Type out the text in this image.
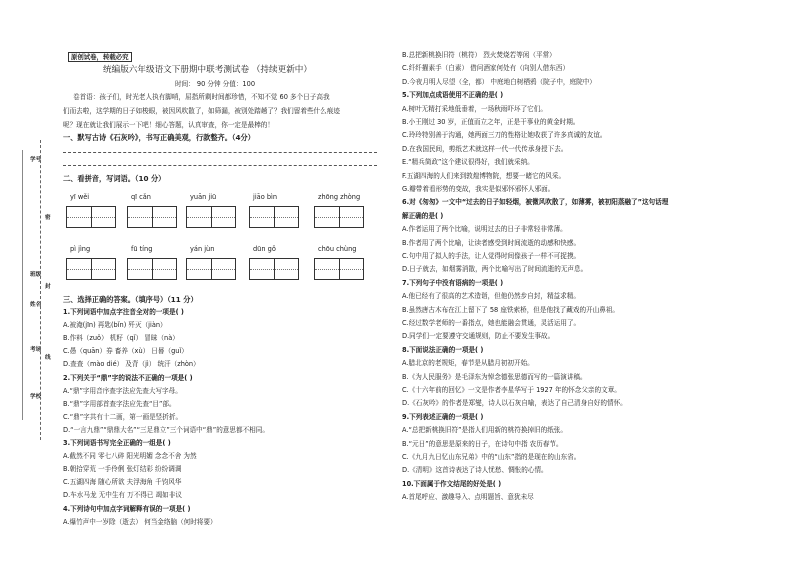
学号
班级
姓名
考场
学校
密
封
线
原创试卷，转载必究
统编版六年级语文下册期中联考测试卷 （持续更新中）
时间： 90 分钟 分值：100
卷首语：孩子们，时光老人执有脚哨，屈指所剩时间都珍惜，不知不觉 60 多个日子高我
们而去啦，这学期的日子如梭眼，被因风吹散了，如筛漏，被别处踏趟了？我们留着些什么痕迹
呢？现在就让我们展示一下吧！细心答题，认真审查，你一定是最棒的！
一、默写古诗《石灰吟》，书写正确美观，行款整齐。（4分）
二、看拼音，写词语。（10 分）
yī wěi	qī cǎn	yuān jiū	jiāo bìn	zhōng zhòng
pì jìng	fū tíng	yán jùn	dūn gǒ	chōu chùng
三、选择正确的答案。（填序号）（11 分）
1.下列词语中加点字注音全对的一项是( )
A.被淹(jīn) 再匙(bǐn) 歼灭（jiàn）
B.作料（zuǒ） 机籽（qǐ） 冒昧（nà）
C.愚（quān）券 畜养（xù） 日晷（guǐ）
D.查查（mào dié） 及背（jì） 统汗（zhòn）
2.下列关于“鼎”字的说法不正确的一项是( )
A.“鼎”字用音序查字法应先查大写字母。
B.“鼎”字用部首查字法应先查“目”部。
C.“鼎”字共有十二画，第一画是竖折折。
D.“一言九鼎”“鼎鼎大名”“三足鼎立”三个词语中“鼎”的意思都不相同。
3.下列词语书写完全正确的一组是( )
A.截然不同 零七八碎 阳光明媚 念念不舍 为然
B.朝拾穿荒 一手伶俐 张灯结彩 纷纷调调
C.五湖四海 随心所欲 夫浮海角 千钧风华
D.车水马龙 无中生有 万不得已 竭如非议
4.下列诗句中加点字词解释有误的一项是( )
A.爆竹声中一岁除（逝去） 何当金络脑（何时将要）
B.总把新桃换旧符（桃符） 烈火焚烧若等闲（平常）
C.纤纤擢素手（白素） 借问酒家何处有（向别人借东西）
D.今夜月明人尽望（全，都） 中庭地白树栖鸦（院子中，庭院中）
5.下列加点成语使用不正确的是( )
A.树叶无精打采地低垂着，一场秋雨吓坏了它们。
B.小王刚过 30 岁，正值而立之年，正是干事业的黄金时期。
C.玲玲特别善于沟通，她两面三刀的性格让她收获了许多真诚的友谊。
D.在我国民间，剪纸艺术就这样一代一代传承身授下去。
E.“精兵简政”这个建议很得好，我们就采纳。
F.五湖四海的人们来到敦煌博物院，想要一睹它的风采。
G.瓣带着看形势的变故，我实是似邪怀邪怀人邪面。
6.对《匆匆》一文中“过去的日子如轻烟，被微风吹散了，如薄雾，被初阳蒸融了”这句话理
解正确的是( )
A.作者运用了两个比喻，说明过去的日子非常轻非常薄。
B.作者用了两个比喻，让读者感受到时间流逝的动感和快感。
C.句中用了拟人的手法，让人觉得时间像孩子一样不可捉摸。
D.日子就去，如烟雾消散，两个比喻写出了时间流逝的无声息。
7.下列句子中没有语病的一项是( )
A.他已经有了很高的艺术造诣，但他仍然步自封，精益求精。
B.虽然唐古木布在江上留下了 58 座铁索桥，但是他找了藏戏的开山鼻祖。
C.经过数学老师的一番指点，她也能融会贯通，灵活运用了。
D.同学们一定要遵守交通规则，防止不要发生事故。
8.下面说法正确的一项是( )
A.腊北京的老规矩，春节是从腊月初初开始。
B.《为人民服务》是毛泽东为悼念德张思德而写的一篇演讲稿。
C.《十六年前的回忆》一文是作者李星华写于 1927 年的怀念父亲的文章。
D.《石灰吟》的作者是郑燮，诗人以石灰自喻，表达了自己清身自好的情怀。
9.下列表述正确的一项是( )
A.“总把新桃换旧符”是指人们用新的桃符换掉旧的纸张。
B.“元日”的意思是原来的日子，在诗句中指 农历春节。
C.《九月九日忆山东兄弟》中的“山东”指的是现在的山东省。
D.《清明》这首诗表达了诗人忧愁、惆怅的心情。
10.下面属于作文结尾的好处是( )
A.首尾呼应、激趣导入、点明题旨、意犹未尽
